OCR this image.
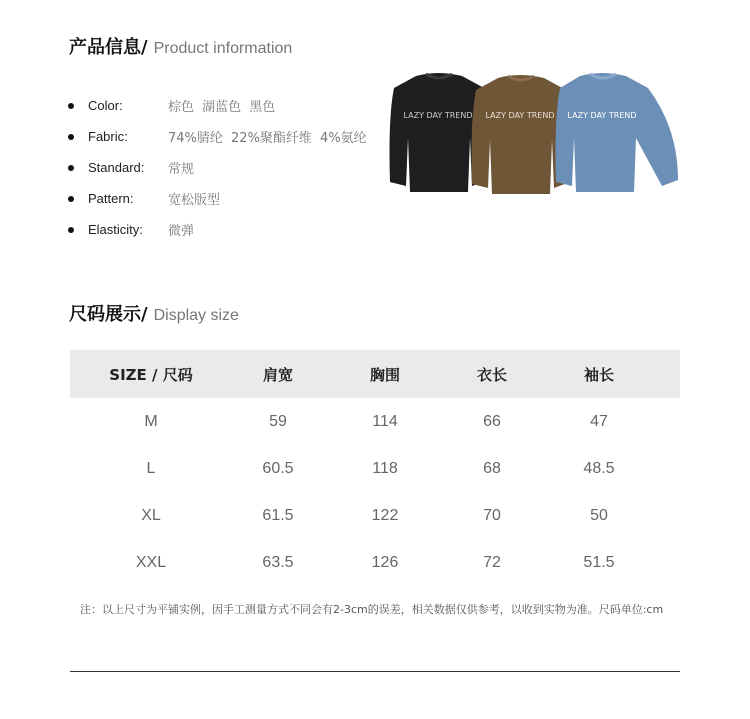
产品信息/ Product information
Color:	棕色 湖蓝色 黑色
Fabric:	74%腈纶 22%聚酯纤维 4%氨纶
Standard:	常规
Pattern:	宽松版型
Elasticity:	微弹
LAZY DAY TREND LAZY DAY TREND LAZY DAY TREND
尺码展示/ Display size
SIZE / 尺码	肩宽	胸围	衣长	袖长
M	59	114	66	47
L	60.5	118	68	48.5
XL	61.5	122	70	50
XXL	63.5	126	72	51.5
注：以上尺寸为平铺实例，因手工测量方式不同会有2-3cm的误差，相关数据仅供参考，以收到实物为准。尺码单位:cm
